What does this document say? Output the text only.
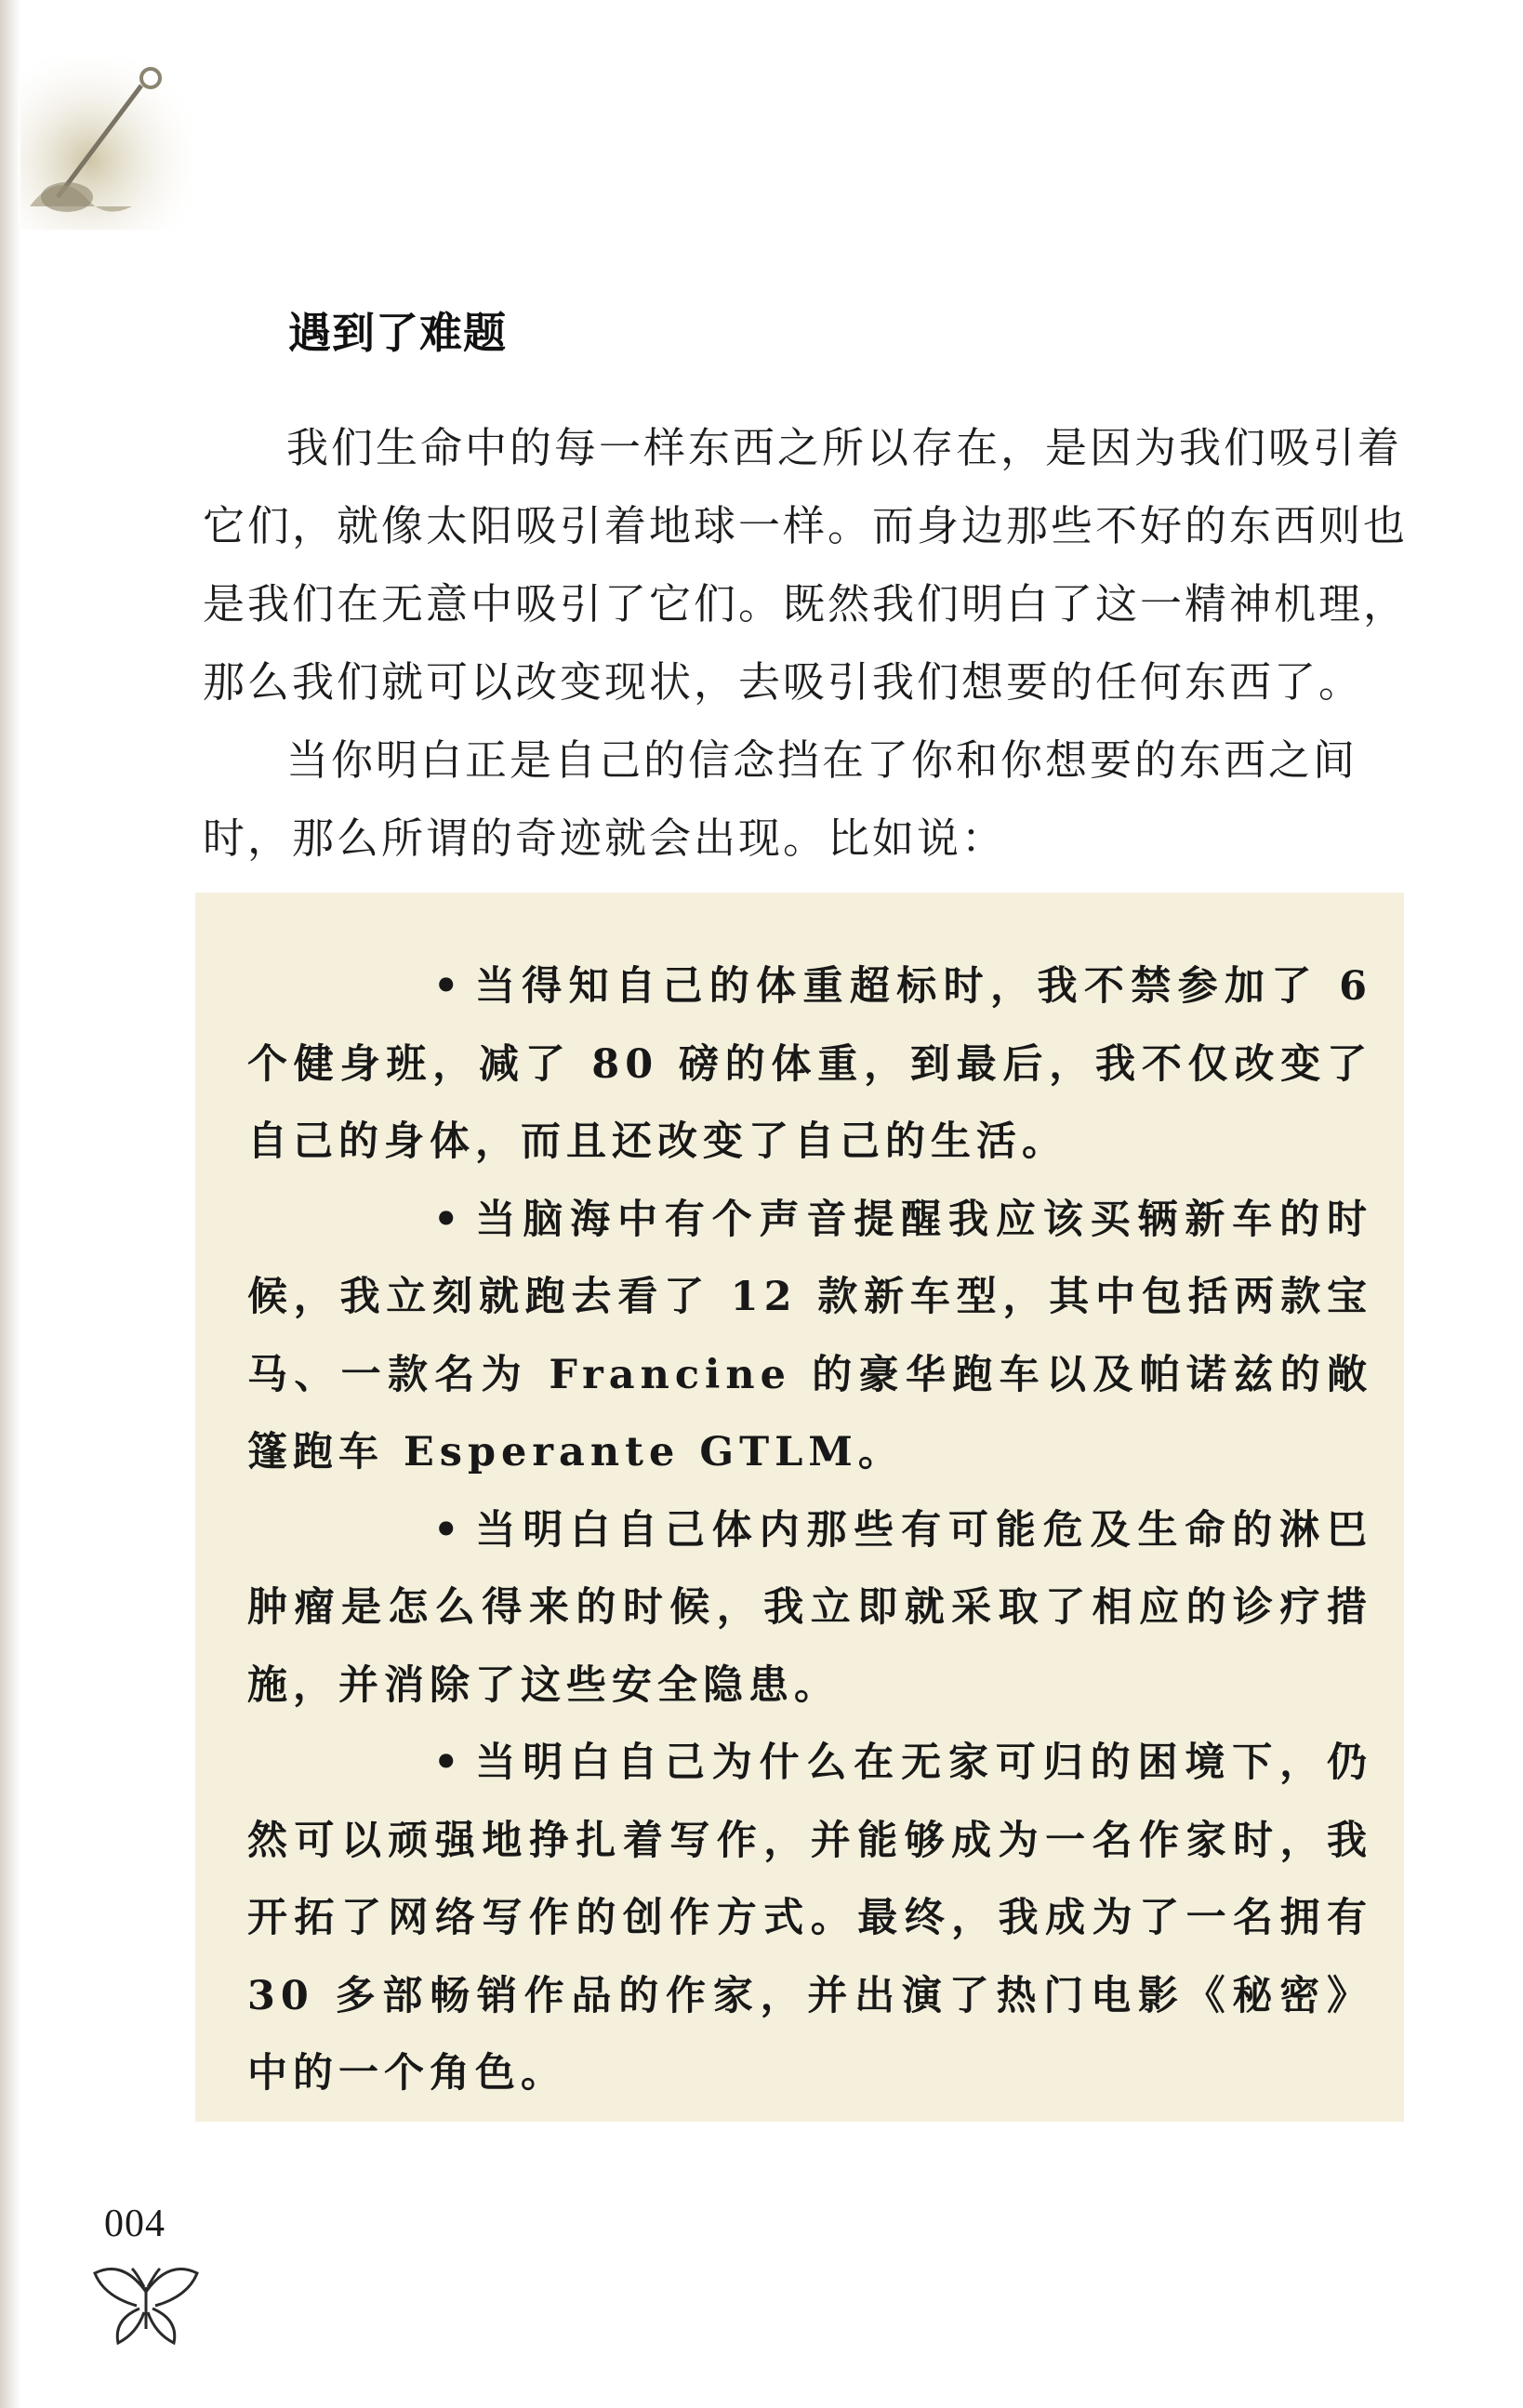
遇到了难题

我们生命中的每一样东西之所以存在，是因为我们吸引着它们，就像太阳吸引着地球一样。而身边那些不好的东西则也是我们在无意中吸引了它们。既然我们明白了这一精神机理，那么我们就可以改变现状，去吸引我们想要的任何东西了。

当你明白正是自己的信念挡在了你和你想要的东西之间时，那么所谓的奇迹就会出现。比如说：

• 当得知自己的体重超标时，我不禁参加了 6 个健身班，减了 80 磅的体重，到最后，我不仅改变了自己的身体，而且还改变了自己的生活。

• 当脑海中有个声音提醒我应该买辆新车的时候，我立刻就跑去看了 12 款新车型，其中包括两款宝马、一款名为 Francine 的豪华跑车以及帕诺兹的敞篷跑车 Esperante GTLM。

• 当明白自己体内那些有可能危及生命的淋巴肿瘤是怎么得来的时候，我立即就采取了相应的诊疗措施，并消除了这些安全隐患。

• 当明白自己为什么在无家可归的困境下，仍然可以顽强地挣扎着写作，并能够成为一名作家时，我开拓了网络写作的创作方式。最终，我成为了一名拥有 30 多部畅销作品的作家，并出演了热门电影《秘密》中的一个角色。

004
